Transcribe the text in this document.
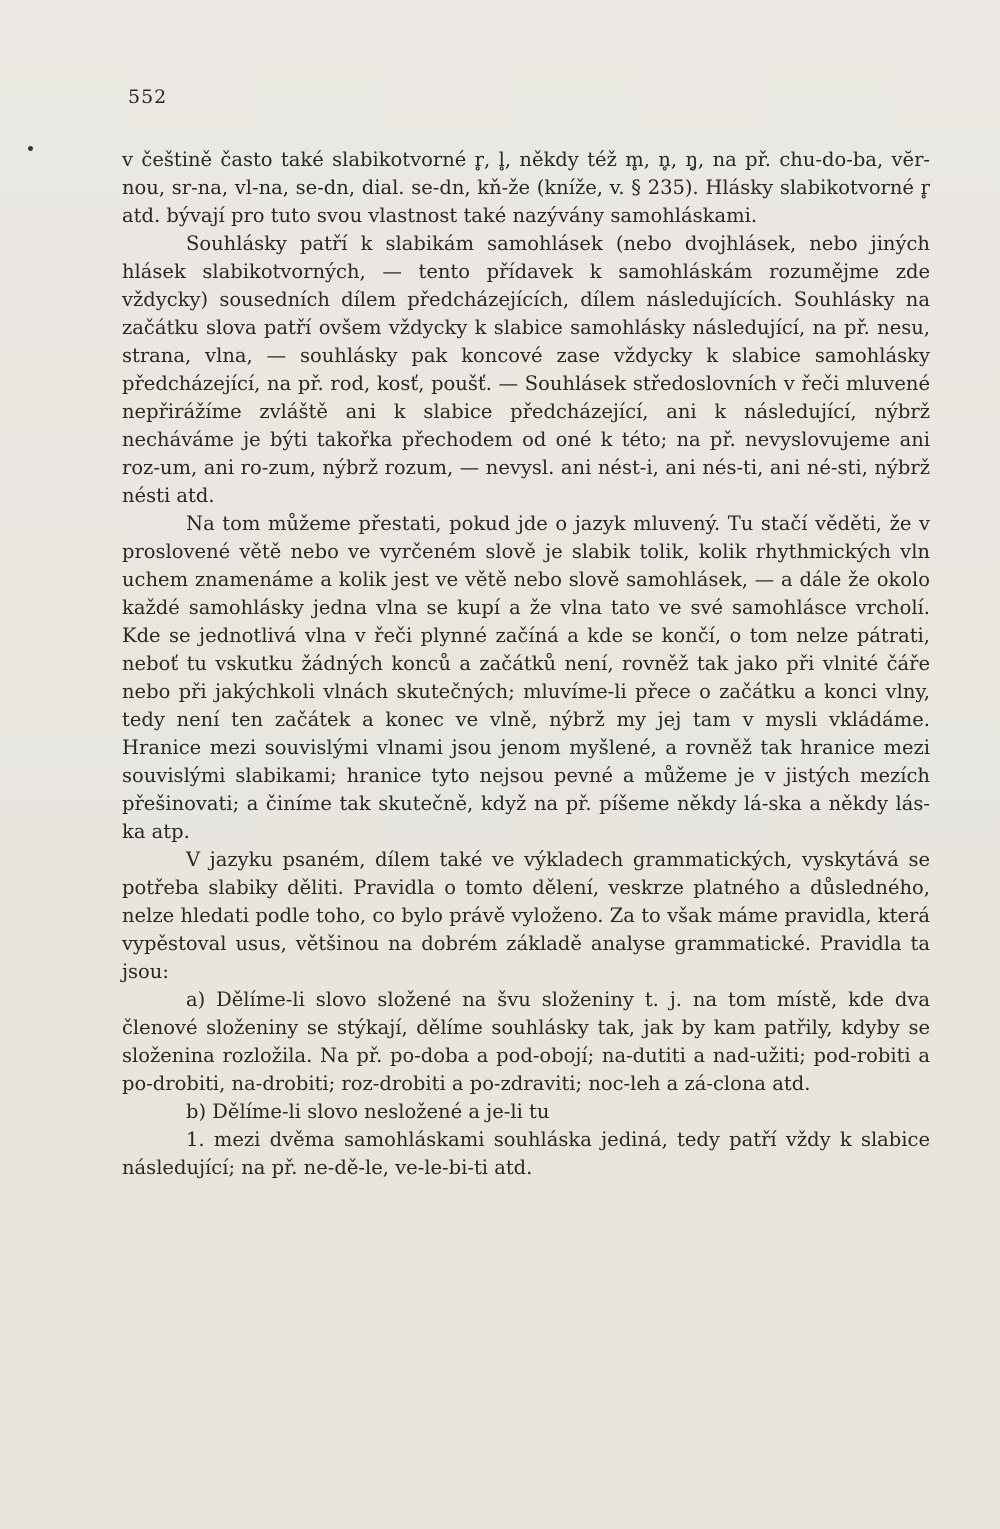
552

v češtině často také slabikotvorné r̥, l̥, někdy též m̥, n̥, ŋ̥, na př. chu-do-ba, vĕr-nou, sr-na, vl-na, se-dn, dial. se-dn, kň-že (kníže, v. § 235). Hlásky slabikotvorné r̥ atd. bývají pro tuto svou vlastnost také nazývány samohláskami.

Souhlásky patří k slabikám samohlásek (nebo dvojhlásek, nebo jiných hlásek slabikotvorných, — tento přídavek k samohláskám rozumějme zde vždycky) sousedních dílem předcházejících, dílem následujících. Souhlásky na začátku slova patří ovšem vždycky k slabice samohlásky následující, na př. nesu, strana, vlna, — souhlásky pak koncové zase vždycky k slabice samohlásky předcházející, na př. rod, kosť, poušť. — Souhlásek středoslovních v řeči mluvené nepřirážíme zvláště ani k slabice předcházející, ani k následující, nýbrž necháváme je býti takořka přechodem od oné k této; na př. nevyslovujeme ani roz-um, ani ro-zum, nýbrž rozum, — nevysl. ani nést-i, ani nés-ti, ani né-sti, nýbrž nésti atd.

Na tom můžeme přestati, pokud jde o jazyk mluvený. Tu stačí věděti, že v proslovené větě nebo ve vyrčeném slově je slabik tolik, kolik rhythmických vln uchem znamenáme a kolik jest ve větě nebo slově samohlásek, — a dále že okolo každé samohlásky jedna vlna se kupí a že vlna tato ve své samohlásce vrcholí. Kde se jednotlivá vlna v řeči plynné začíná a kde se končí, o tom nelze pátrati, neboť tu vskutku žádných konců a začátků není, rovněž tak jako při vlnité čáře nebo při jakýchkoli vlnách skutečných; mluvíme-li přece o začátku a konci vlny, tedy není ten začátek a konec ve vlně, nýbrž my jej tam v mysli vkládáme. Hranice mezi souvislými vlnami jsou jenom myšlené, a rovněž tak hranice mezi souvislými slabikami; hranice tyto nejsou pevné a můžeme je v jistých mezích přešinovati; a činíme tak skutečně, když na př. píšeme někdy lá-ska a někdy lás-ka atp.

V jazyku psaném, dílem také ve výkladech grammatických, vyskytává se potřeba slabiky děliti. Pravidla o tomto dělení, veskrze platného a důsledného, nelze hledati podle toho, co bylo právě vyloženo. Za to však máme pravidla, která vypěstoval usus, většinou na dobrém základě analyse grammatické. Pravidla ta jsou:

a) Dělíme-li slovo složené na švu složeniny t. j. na tom místě, kde dva členové složeniny se stýkají, dělíme souhlásky tak, jak by kam patřily, kdyby se složenina rozložila. Na př. po-doba a pod-obojí; na-dutiti a nad-užiti; pod-robiti a po-drobiti, na-drobiti; roz-drobiti a po-zdraviti; noc-leh a zá-clona atd.

b) Dělíme-li slovo nesložené a je-li tu

1. mezi dvěma samohláskami souhláska jediná, tedy patří vždy k slabice následující; na př. ne-dě-le, ve-le-bi-ti atd.
